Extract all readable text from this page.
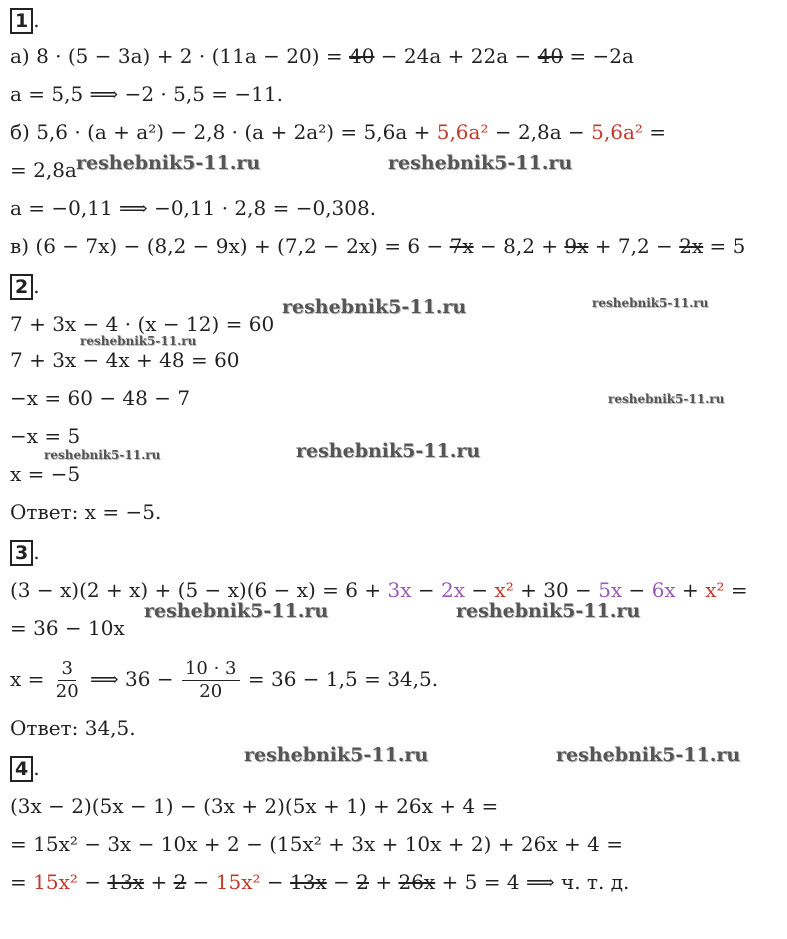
1 .
а) 8 · (5 − 3a) + 2 · (11a − 20) = 40 − 24a + 22a − 40 = −2a
a = 5,5 ⟹ −2 · 5,5 = −11.
б) 5,6 · (a + a²) − 2,8 · (a + 2a²) = 5,6a + 5,6a² − 2,8a − 5,6a² =
= 2,8a
a = −0,11 ⟹ −0,11 · 2,8 = −0,308.
в) (6 − 7x) − (8,2 − 9x) + (7,2 − 2x) = 6 − 7x − 8,2 + 9x + 7,2 − 2x = 5
2 .
7 + 3x − 4 · (x − 12) = 60
7 + 3x − 4x + 48 = 60
−x = 60 − 48 − 7
−x = 5
x = −5
Ответ: x = −5.
3 .
(3 − x)(2 + x) + (5 − x)(6 − x) = 6 + 3x − 2x − x² + 30 − 5x − 6x + x² =
= 36 − 10x
$x = \frac{3}{20}$ ⟹ $36 - \frac{10 \cdot 3}{20} = 36 - 1,5 = 34,5$.
Ответ: 34,5.
4 .
(3x − 2)(5x − 1) − (3x + 2)(5x + 1) + 26x + 4 =
= 15x² − 3x − 10x + 2 − (15x² + 3x + 10x + 2) + 26x + 4 =
= 15x² − 13x + 2 − 15x² − 13x − 2 + 26x + 5 = 4 ⟹ ч. т. д.
reshebnik5-11.ru	reshebnik5-11.ru
reshebnik5-11.ru	reshebnik5-11.ru
reshebnik5-11.ru
reshebnik5-11.ru
reshebnik5-11.ru	reshebnik5-11.ru
reshebnik5-11.ru	reshebnik5-11.ru
reshebnik5-11.ru	reshebnik5-11.ru
